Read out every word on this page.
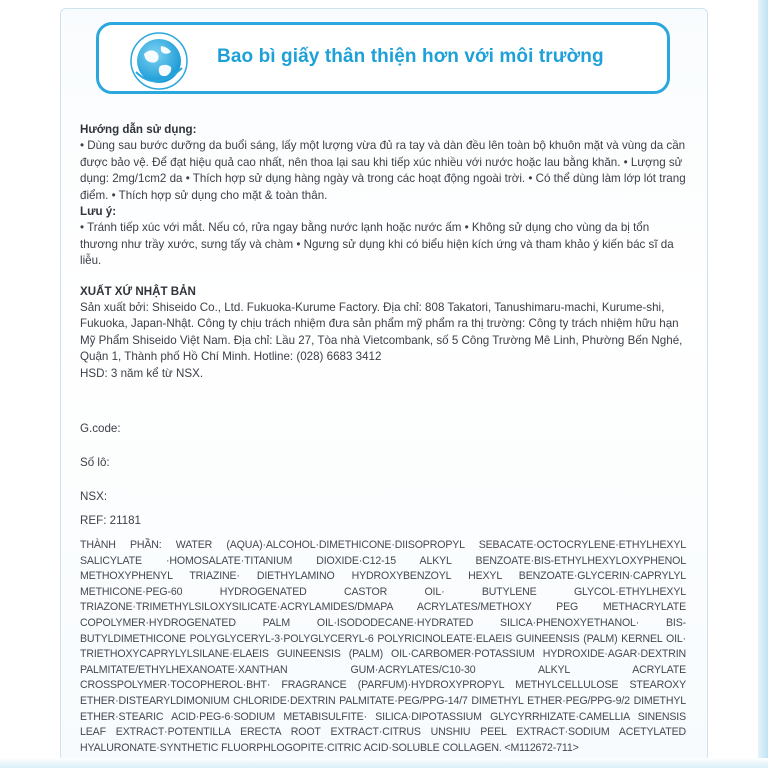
Bao bì giấy thân thiện hơn với môi trường

Hướng dẫn sử dụng:

• Dùng sau bước dưỡng da buổi sáng, lấy một lượng vừa đủ ra tay và dàn đều lên toàn bộ khuôn mặt và vùng da cần được bảo vệ. Để đạt hiệu quả cao nhất, nên thoa lại sau khi tiếp xúc nhiều với nước hoặc lau bằng khăn. • Lượng sử dụng: 2mg/1cm2 da • Thích hợp sử dụng hàng ngày và trong các hoạt động ngoài trời. • Có thể dùng làm lớp lót trang điểm. • Thích hợp sử dụng cho mặt & toàn thân.

Lưu ý:

• Tránh tiếp xúc với mắt. Nếu có, rửa ngay bằng nước lạnh hoặc nước ấm • Không sử dụng cho vùng da bị tổn thương như trầy xước, sưng tấy và chàm • Ngưng sử dụng khi có biểu hiện kích ứng và tham khảo ý kiến bác sĩ da liễu.

XUẤT XỨ NHẬT BẢN

Sản xuất bởi: Shiseido Co., Ltd. Fukuoka-Kurume Factory. Địa chỉ: 808 Takatori, Tanushimaru-machi, Kurume-shi, Fukuoka, Japan-Nhật. Công ty chịu trách nhiệm đưa sản phẩm mỹ phẩm ra thị trường: Công ty trách nhiệm hữu hạn Mỹ Phẩm Shiseido Việt Nam. Địa chỉ: Lầu 27, Tòa nhà Vietcombank, số 5 Công Trường Mê Linh, Phường Bến Nghé, Quận 1, Thành phố Hồ Chí Minh. Hotline: (028) 6683 3412

HSD: 3 năm kể từ NSX.

G.code:
Số lô:
NSX:
REF: 21181
THÀNH PHẦN: WATER (AQUA)·ALCOHOL·DIMETHICONE·DIISOPROPYL SEBACATE·OCTOCRYLENE·ETHYLHEXYL SALICYLATE ·HOMOSALATE·TITANIUM DIOXIDE·C12-15 ALKYL BENZOATE·BIS-ETHYLHEXYLOXYPHENOL METHOXYPHENYL TRIAZINE· DIETHYLAMINO HYDROXYBENZOYL HEXYL BENZOATE·GLYCERIN·CAPRYLYL METHICONE·PEG-60 HYDROGENATED CASTOR OIL· BUTYLENE GLYCOL·ETHYLHEXYL TRIAZONE·TRIMETHYLSILOXYSILICATE·ACRYLAMIDES/DMAPA ACRYLATES/METHOXY PEG METHACRYLATE COPOLYMER·HYDROGENATED PALM OIL·ISODODECANE·HYDRATED SILICA·PHENOXYETHANOL· BIS-BUTYLDIMETHICONE POLYGLYCERYL-3·POLYGLYCERYL-6 POLYRICINOLEATE·ELAEIS GUINEENSIS (PALM) KERNEL OIL· TRIETHOXYCAPRYLYLSILANE·ELAEIS GUINEENSIS (PALM) OIL·CARBOMER·POTASSIUM HYDROXIDE·AGAR·DEXTRIN PALMITATE/ETHYLHEXANOATE·XANTHAN GUM·ACRYLATES/C10-30 ALKYL ACRYLATE CROSSPOLYMER·TOCOPHEROL·BHT· FRAGRANCE (PARFUM)·HYDROXYPROPYL METHYLCELLULOSE STEAROXY ETHER·DISTEARYLDIMONIUM CHLORIDE·DEXTRIN PALMITATE·PEG/PPG-14/7 DIMETHYL ETHER·PEG/PPG-9/2 DIMETHYL ETHER·STEARIC ACID·PEG-6·SODIUM METABISULFITE· SILICA·DIPOTASSIUM GLYCYRRHIZATE·CAMELLIA SINENSIS LEAF EXTRACT·POTENTILLA ERECTA ROOT EXTRACT·CITRUS UNSHIU PEEL EXTRACT·SODIUM ACETYLATED HYALURONATE·SYNTHETIC FLUORPHLOGOPITE·CITRIC ACID·SOLUBLE COLLAGEN. <M112672-711>
